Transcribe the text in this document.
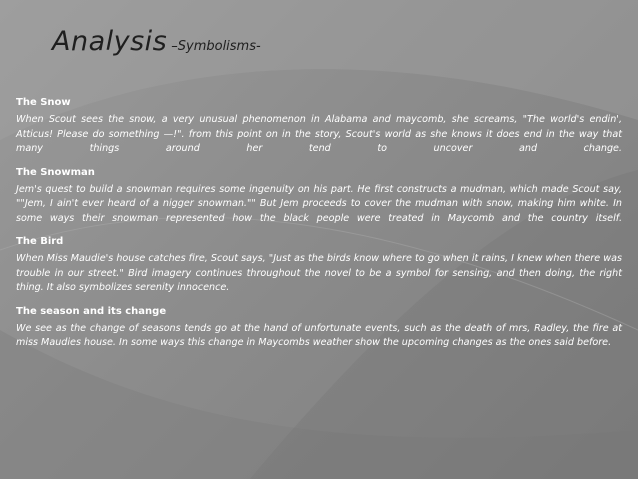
Analysis –Symbolisms-
The Snow

When Scout sees the snow, a very unusual phenomenon in Alabama and maycomb, she screams, "The world's endin', Atticus! Please do something —!". from this point on in the story, Scout's world as she knows it does end in the way that many things around her tend to uncover and change.

The Snowman

Jem's quest to build a snowman requires some ingenuity on his part. He first constructs a mudman, which made Scout say, ""Jem, I ain't ever heard of a nigger snowman."" But Jem proceeds to cover the mudman with snow, making him white. In some ways their snowman represented how the black people were treated in Maycomb and the country itself.

The Bird

When Miss Maudie's house catches fire, Scout says, "Just as the birds know where to go when it rains, I knew when there was trouble in our street." Bird imagery continues throughout the novel to be a symbol for sensing, and then doing, the right thing. It also symbolizes serenity innocence.

The season and its change

We see as the change of seasons tends go at the hand of unfortunate events, such as the death of mrs, Radley, the fire at miss Maudies house. In some ways this change in Maycombs weather show the upcoming changes as the ones said before.
